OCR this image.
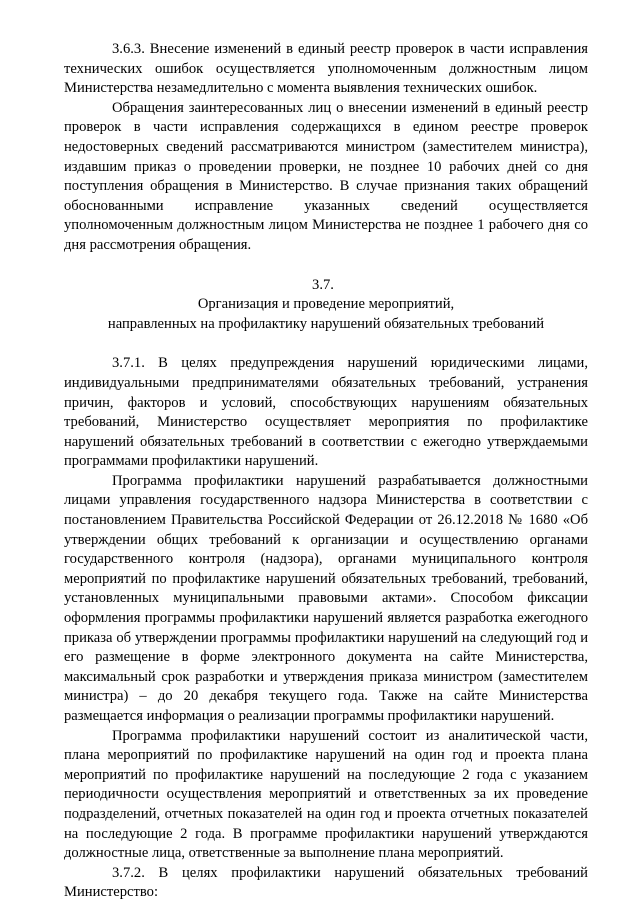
3.6.3. Внесение изменений в единый реестр проверок в части исправления технических ошибок осуществляется уполномоченным должностным лицом Министерства незамедлительно с момента выявления технических ошибок.

Обращения заинтересованных лиц о внесении изменений в единый реестр проверок в части исправления содержащихся в едином реестре проверок недостоверных сведений рассматриваются министром (заместителем министра), издавшим приказ о проведении проверки, не позднее 10 рабочих дней со дня поступления обращения в Министерство. В случае признания таких обращений обоснованными исправление указанных сведений осуществляется уполномоченным должностным лицом Министерства не позднее 1 рабочего дня со дня рассмотрения обращения.

3.7.
Организация и проведение мероприятий,
направленных на профилактику нарушений обязательных требований

3.7.1. В целях предупреждения нарушений юридическими лицами, индивидуальными предпринимателями обязательных требований, устранения причин, факторов и условий, способствующих нарушениям обязательных требований, Министерство осуществляет мероприятия по профилактике нарушений обязательных требований в соответствии с ежегодно утверждаемыми программами профилактики нарушений.

Программа профилактики нарушений разрабатывается должностными лицами управления государственного надзора Министерства в соответствии с постановлением Правительства Российской Федерации от 26.12.2018 № 1680 «Об утверждении общих требований к организации и осуществлению органами государственного контроля (надзора), органами муниципального контроля мероприятий по профилактике нарушений обязательных требований, требований, установленных муниципальными правовыми актами». Способом фиксации оформления программы профилактики нарушений является разработка ежегодного приказа об утверждении программы профилактики нарушений на следующий год и его размещение в форме электронного документа на сайте Министерства, максимальный срок разработки и утверждения приказа министром (заместителем министра) – до 20 декабря текущего года. Также на сайте Министерства размещается информация о реализации программы профилактики нарушений.

Программа профилактики нарушений состоит из аналитической части, плана мероприятий по профилактике нарушений на один год и проекта плана мероприятий по профилактике нарушений на последующие 2 года с указанием периодичности осуществления мероприятий и ответственных за их проведение подразделений, отчетных показателей на один год и проекта отчетных показателей на последующие 2 года. В программе профилактики нарушений утверждаются должностные лица, ответственные за выполнение плана мероприятий.

3.7.2. В целях профилактики нарушений обязательных требований Министерство:
